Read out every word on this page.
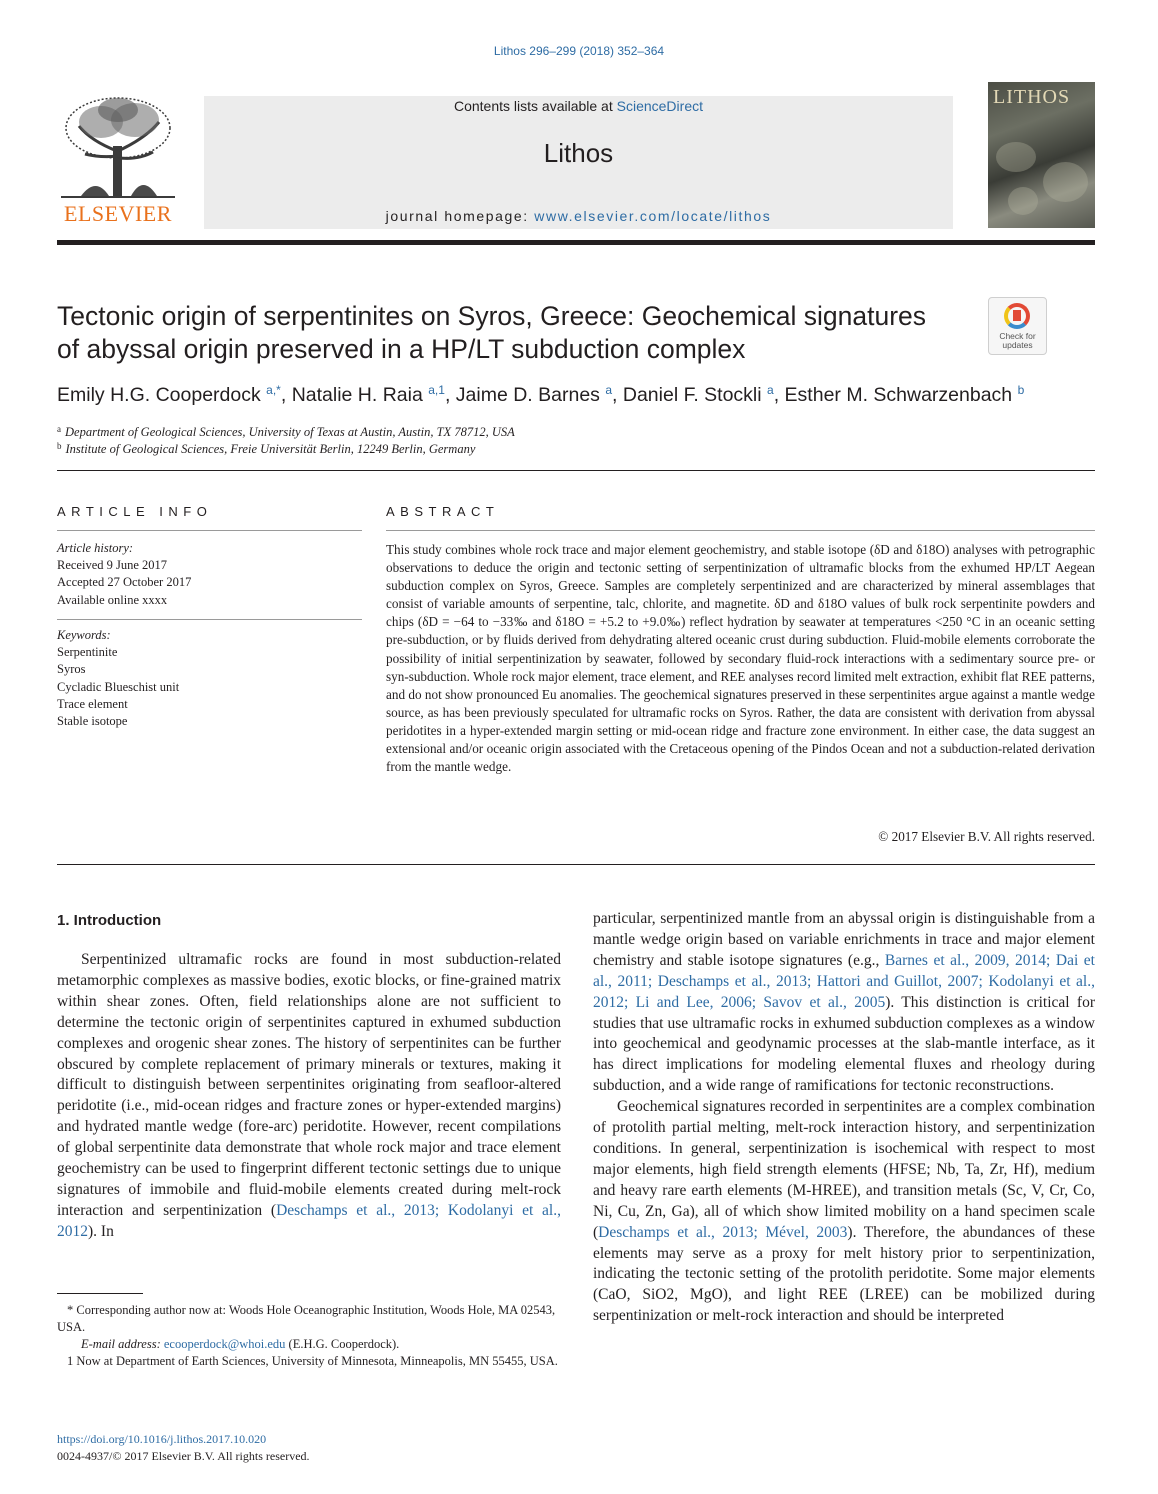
Lithos 296–299 (2018) 352–364
ELSEVIER
Contents lists available at ScienceDirect
Lithos
journal homepage: www.elsevier.com/locate/lithos
LITHOS
Tectonic origin of serpentinites on Syros, Greece: Geochemical signatures
of abyssal origin preserved in a HP/LT subduction complex	Check for updates
Emily H.G. Cooperdock $^{a,*}$, Natalie H. Raia $^{a,1}$, Jaime D. Barnes $^a$, Daniel F. Stockli $^a$, Esther M. Schwarzenbach $^b$
$^a$ Department of Geological Sciences, University of Texas at Austin, Austin, TX 78712, USA
$^b$ Institute of Geological Sciences, Freie Universität Berlin, 12249 Berlin, Germany
ARTICLE INFO
Article history:
Received 9 June 2017
Accepted 27 October 2017
Available online xxxx
Keywords:
Serpentinite
Syros
Cycladic Blueschist unit
Trace element
Stable isotope
ABSTRACT

This study combines whole rock trace and major element geochemistry, and stable isotope (δD and δ18O) analyses with petrographic observations to deduce the origin and tectonic setting of serpentinization of ultramafic blocks from the exhumed HP/LT Aegean subduction complex on Syros, Greece. Samples are completely serpentinized and are characterized by mineral assemblages that consist of variable amounts of serpentine, talc, chlorite, and magnetite. δD and δ18O values of bulk rock serpentinite powders and chips (δD = −64 to −33‰ and δ18O = +5.2 to +9.0‰) reflect hydration by seawater at temperatures <250 °C in an oceanic setting pre-subduction, or by fluids derived from dehydrating altered oceanic crust during subduction. Fluid-mobile elements corroborate the possibility of initial serpentinization by seawater, followed by secondary fluid-rock interactions with a sedimentary source pre- or syn-subduction. Whole rock major element, trace element, and REE analyses record limited melt extraction, exhibit flat REE patterns, and do not show pronounced Eu anomalies. The geochemical signatures preserved in these serpentinites argue against a mantle wedge source, as has been previously speculated for ultramafic rocks on Syros. Rather, the data are consistent with derivation from abyssal peridotites in a hyper-extended margin setting or mid-ocean ridge and fracture zone environment. In either case, the data suggest an extensional and/or oceanic origin associated with the Cretaceous opening of the Pindos Ocean and not a subduction-related derivation from the mantle wedge.

© 2017 Elsevier B.V. All rights reserved.
1. Introduction

Serpentinized ultramafic rocks are found in most subduction-related metamorphic complexes as massive bodies, exotic blocks, or fine-grained matrix within shear zones. Often, field relationships alone are not sufficient to determine the tectonic origin of serpentinites captured in exhumed subduction complexes and orogenic shear zones. The history of serpentinites can be further obscured by complete replacement of primary minerals or textures, making it difficult to distinguish between serpentinites originating from seafloor-altered peridotite (i.e., mid-ocean ridges and fracture zones or hyper-extended margins) and hydrated mantle wedge (fore-arc) peridotite. However, recent compilations of global serpentinite data demonstrate that whole rock major and trace element geochemistry can be used to fingerprint different tectonic settings due to unique signatures of immobile and fluid-mobile elements created during melt-rock interaction and serpentinization (Deschamps et al., 2013; Kodolanyi et al., 2012). In

particular, serpentinized mantle from an abyssal origin is distinguishable from a mantle wedge origin based on variable enrichments in trace and major element chemistry and stable isotope signatures (e.g., Barnes et al., 2009, 2014; Dai et al., 2011; Deschamps et al., 2013; Hattori and Guillot, 2007; Kodolanyi et al., 2012; Li and Lee, 2006; Savov et al., 2005). This distinction is critical for studies that use ultramafic rocks in exhumed subduction complexes as a window into geochemical and geodynamic processes at the slab-mantle interface, as it has direct implications for modeling elemental fluxes and rheology during subduction, and a wide range of ramifications for tectonic reconstructions.

Geochemical signatures recorded in serpentinites are a complex combination of protolith partial melting, melt-rock interaction history, and serpentinization conditions. In general, serpentinization is isochemical with respect to most major elements, high field strength elements (HFSE; Nb, Ta, Zr, Hf), medium and heavy rare earth elements (M-HREE), and transition metals (Sc, V, Cr, Co, Ni, Cu, Zn, Ga), all of which show limited mobility on a hand specimen scale (Deschamps et al., 2013; Mével, 2003). Therefore, the abundances of these elements may serve as a proxy for melt history prior to serpentinization, indicating the tectonic setting of the protolith peridotite. Some major elements (CaO, SiO2, MgO), and light REE (LREE) can be mobilized during serpentinization or melt-rock interaction and should be interpreted

* Corresponding author now at: Woods Hole Oceanographic Institution, Woods Hole, MA 02543, USA.

E-mail address: ecooperdock@whoi.edu (E.H.G. Cooperdock).

1 Now at Department of Earth Sciences, University of Minnesota, Minneapolis, MN 55455, USA.

https://doi.org/10.1016/j.lithos.2017.10.020
0024-4937/© 2017 Elsevier B.V. All rights reserved.
